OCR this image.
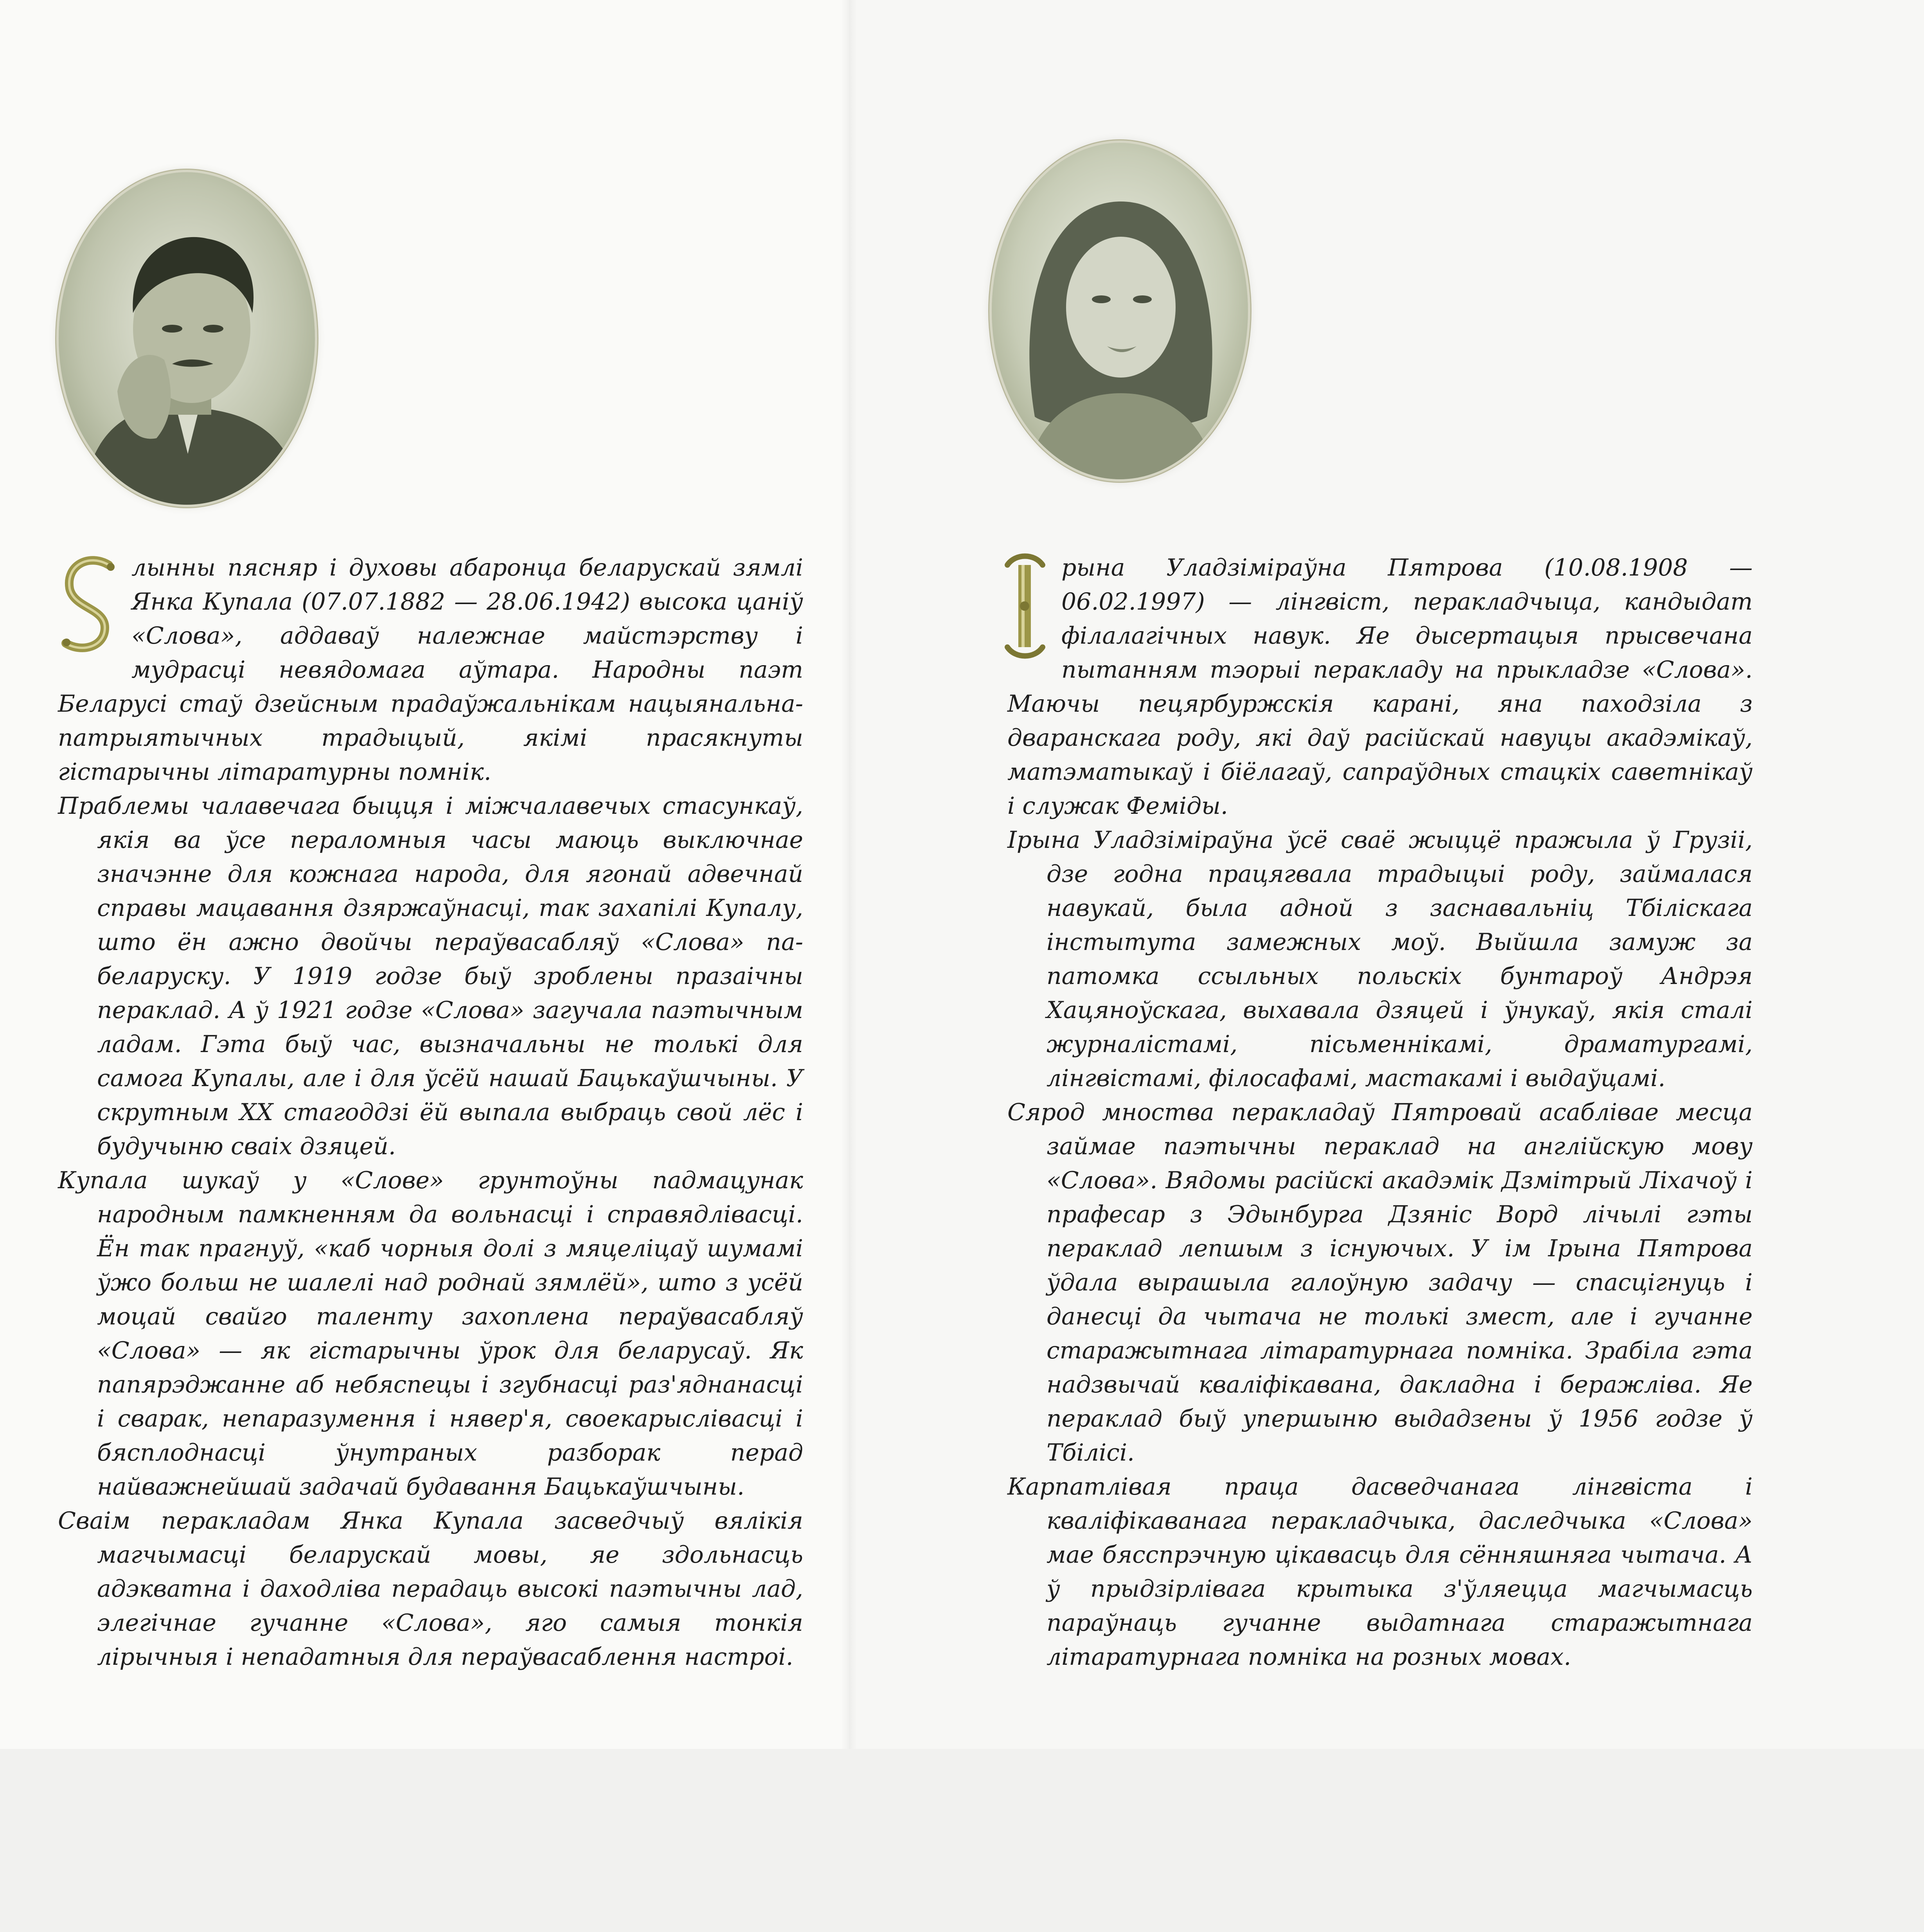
лынны пясняр і духовы абаронца беларускай зямлі Янка Купала (07.07.1882 — 28.06.1942) высока цаніў «Слова», аддаваў належнае майстэрству і мудрасці невядомага аўтара. Народны паэт Беларусі стаў дзейсным прадаўжальнікам нацыянальна-патрыятычных традыцый, якімі прасякнуты гістарычны літаратурны помнік.

Праблемы чалавечага быцця і міжчалавечых стасункаў, якія ва ўсе пераломныя часы маюць выключнае значэнне для кожнага народа, для ягонай адвечнай справы мацавання дзяржаўнасці, так захапілі Купалу, што ён ажно двойчы пераўвасабляў «Слова» па-беларуску. У 1919 годзе быў зроблены празаічны пераклад. А ў 1921 годзе «Слова» загучала паэтычным ладам. Гэта быў час, вызначальны не толькі для самога Купалы, але і для ўсёй нашай Бацькаўшчыны. У скрутным XX стагоддзі ёй выпала выбраць свой лёс і будучыню сваіх дзяцей.

Купала шукаў у «Слове» грунтоўны падмацунак народным памкненням да вольнасці і справядлівасці. Ён так прагнуў, «каб чорныя долі з мяцеліцаў шумамі ўжо больш не шалелі над роднай зямлёй», што з усёй моцай свайго таленту захоплена пераўвасабляў «Слова» — як гістарычны ўрок для беларусаў. Як папярэджанне аб небяспецы і згубнасці раз'яднанасці і сварак, непаразумення і нявер'я, своекарыслівасці і бясплоднасці ўнутраных разборак перад найважнейшай задачай будавання Бацькаўшчыны.

Сваім перакладам Янка Купала засведчыў вялікія магчымасці беларускай мовы, яе здольнасць адэкватна і даходліва перадаць высокі паэтычны лад, элегічнае гучанне «Слова», яго самыя тонкія лірычныя і непадатныя для пераўвасаблення настроі.

рына Уладзіміраўна Пятрова (10.08.1908 — 06.02.1997) — лінгвіст, перакладчыца, кандыдат філалагічных навук. Яе дысертацыя прысвечана пытанням тэорыі перакладу на прыкладзе «Слова». Маючы пецярбуржскія карані, яна паходзіла з дваранскага роду, які даў расійскай навуцы акадэмікаў, матэматыкаў і біёлагаў, сапраўдных стацкіх саветнікаў і служак Феміды.

Ірына Уладзіміраўна ўсё сваё жыццё пражыла ў Грузіі, дзе годна працягвала традыцыі роду, займалася навукай, была адной з заснавальніц Тбіліскага інстытута замежных моў. Выйшла замуж за патомка ссыльных польскіх бунтароў Андрэя Хацяноўскага, выхавала дзяцей і ўнукаў, якія сталі журналістамі, пісьменнікамі, драматургамі, лінгвістамі, філосафамі, мастакамі і выдаўцамі.

Сярод мноства перакладаў Пятровай асаблівае месца займае паэтычны пераклад на англійскую мову «Слова». Вядомы расійскі акадэмік Дзмітрый Ліхачоў і прафесар з Эдынбурга Дзяніс Ворд лічылі гэты пераклад лепшым з існуючых. У ім Ірына Пятрова ўдала вырашыла галоўную задачу — спасцігнуць і данесці да чытача не толькі змест, але і гучанне старажытнага літаратурнага помніка. Зрабіла гэта надзвычай кваліфікавана, дакладна і беражліва. Яе пераклад быў упершыню выдадзены ў 1956 годзе ў Тбілісі.

Карпатлівая праца дасведчанага лінгвіста і кваліфікаванага перакладчыка, даследчыка «Слова» мае бясспрэчную цікавасць для сённяшняга чытача. А ў прыдзірлівага крытыка з'ўляецца магчымасць параўнаць гучанне выдатнага старажытнага літаратурнага помніка на розных мовах.
